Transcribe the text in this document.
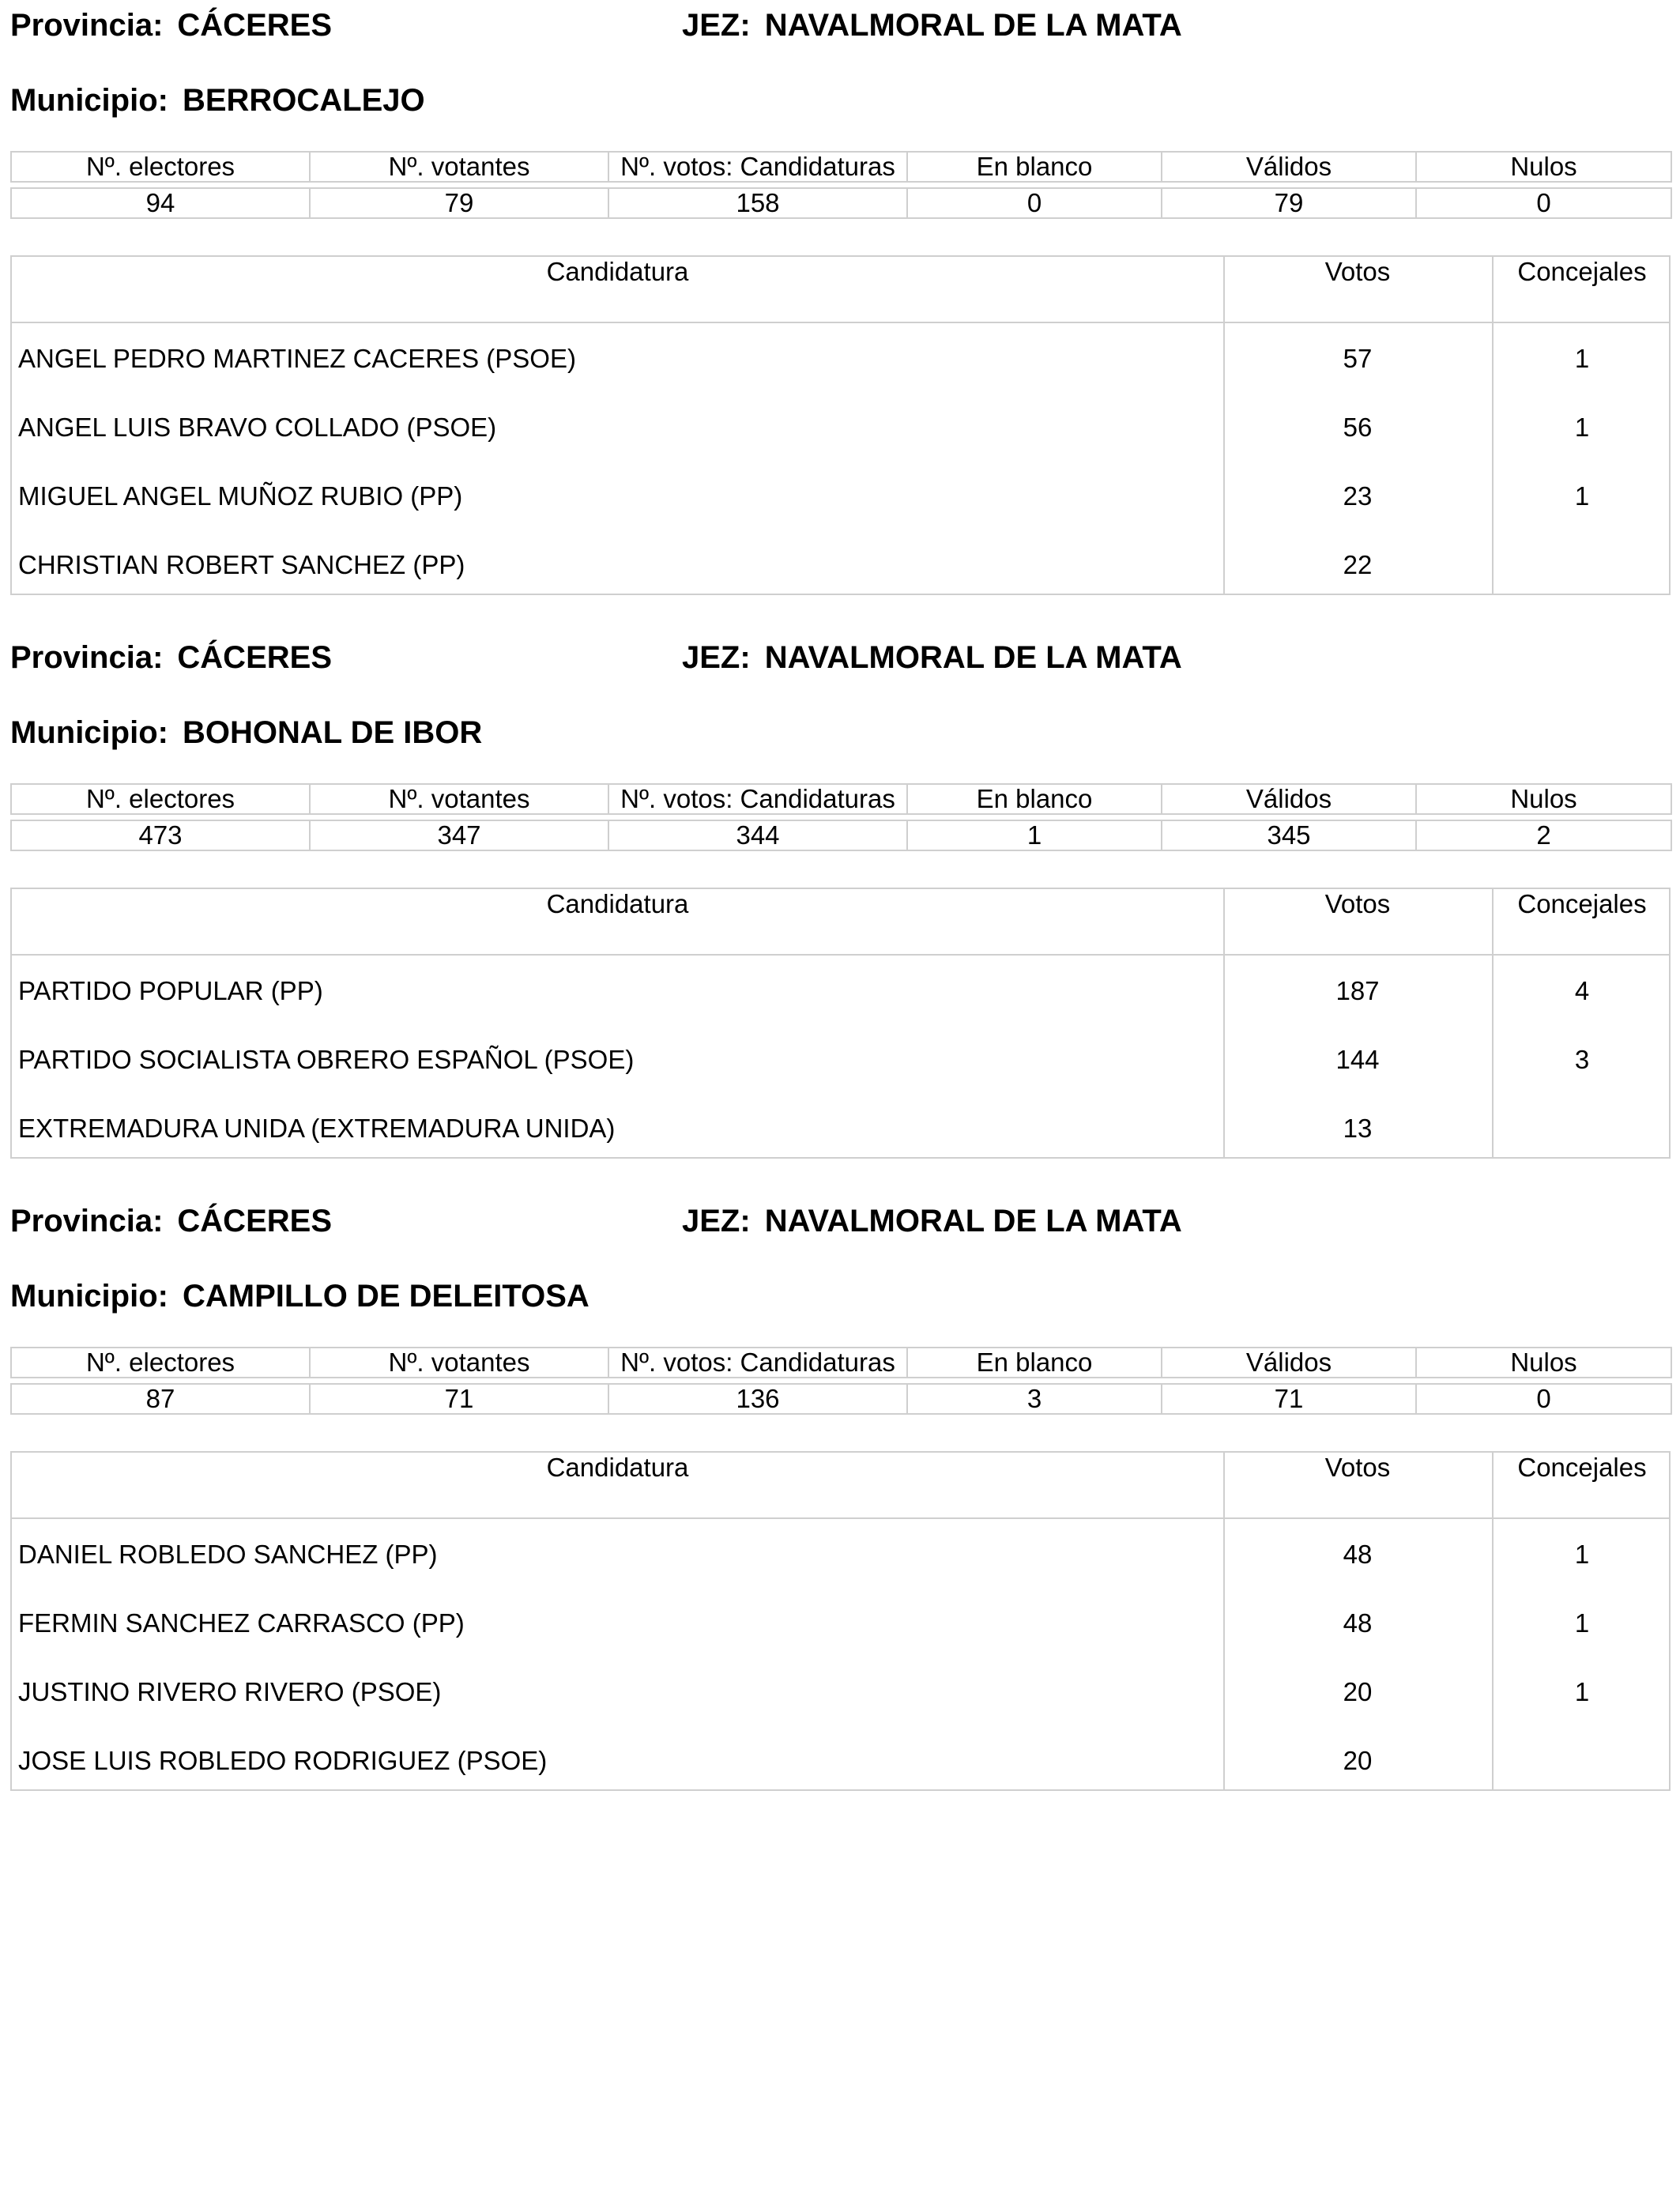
Provincia: CÁCERES	JEZ: NAVALMORAL DE LA MATA
Municipio: BERROCALEJO
Nº. electores	Nº. votantes	Nº. votos: Candidaturas	En blanco	Válidos	Nulos

94	79	158	0	79	0
Candidatura	Votos	Concejales
ANGEL PEDRO MARTINEZ CACERES (PSOE)	57	1
ANGEL LUIS BRAVO COLLADO (PSOE)	56	1
MIGUEL ANGEL MUÑOZ RUBIO (PP)	23	1
CHRISTIAN ROBERT SANCHEZ (PP)	22
Provincia: CÁCERES	JEZ: NAVALMORAL DE LA MATA
Municipio: BOHONAL DE IBOR
Nº. electores	Nº. votantes	Nº. votos: Candidaturas	En blanco	Válidos	Nulos

473	347	344	1	345	2
Candidatura	Votos	Concejales
PARTIDO POPULAR (PP)	187	4
PARTIDO SOCIALISTA OBRERO ESPAÑOL (PSOE)	144	3
EXTREMADURA UNIDA (EXTREMADURA UNIDA)	13
Provincia: CÁCERES	JEZ: NAVALMORAL DE LA MATA
Municipio: CAMPILLO DE DELEITOSA
Nº. electores	Nº. votantes	Nº. votos: Candidaturas	En blanco	Válidos	Nulos

87	71	136	3	71	0
Candidatura	Votos	Concejales
DANIEL ROBLEDO SANCHEZ (PP)	48	1
FERMIN SANCHEZ CARRASCO (PP)	48	1
JUSTINO RIVERO RIVERO (PSOE)	20	1
JOSE LUIS ROBLEDO RODRIGUEZ (PSOE)	20
